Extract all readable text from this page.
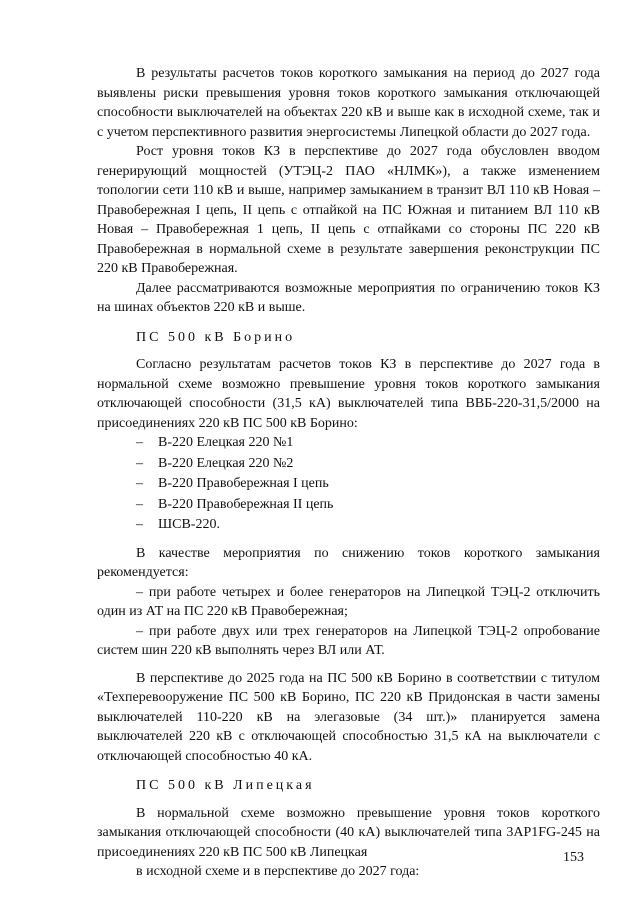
В результаты расчетов токов короткого замыкания на период до 2027 года выявлены риски превышения уровня токов короткого замыкания отключающей способности выключателей на объектах 220 кВ и выше как в исходной схеме, так и с учетом перспективного развития энергосистемы Липецкой области до 2027 года.

Рост уровня токов КЗ в перспективе до 2027 года обусловлен вводом генерирующий мощностей (УТЭЦ-2 ПАО «НЛМК»), а также изменением топологии сети 110 кВ и выше, например замыканием в транзит ВЛ 110 кВ Новая – Правобережная I цепь, II цепь с отпайкой на ПС Южная и питанием ВЛ 110 кВ Новая – Правобережная 1 цепь, II цепь с отпайками со стороны ПС 220 кВ Правобережная в нормальной схеме в результате завершения реконструкции ПС 220 кВ Правобережная.

Далее рассматриваются возможные мероприятия по ограничению токов КЗ на шинах объектов 220 кВ и выше.

ПС 500 кВ Борино

Согласно результатам расчетов токов КЗ в перспективе до 2027 года в нормальной схеме возможно превышение уровня токов короткого замыкания отключающей способности (31,5 кА) выключателей типа ВВБ-220-31,5/2000 на присоединениях 220 кВ ПС 500 кВ Борино:

– В-220 Елецкая 220 №1
– В-220 Елецкая 220 №2
– В-220 Правобережная I цепь
– В-220 Правобережная II цепь
– ШСВ-220.

В качестве мероприятия по снижению токов короткого замыкания рекомендуется:

– при работе четырех и более генераторов на Липецкой ТЭЦ-2 отключить один из АТ на ПС 220 кВ Правобережная;

– при работе двух или трех генераторов на Липецкой ТЭЦ-2 опробование систем шин 220 кВ выполнять через ВЛ или АТ.

В перспективе до 2025 года на ПС 500 кВ Борино в соответствии с титулом «Техперевооружение ПС 500 кВ Борино, ПС 220 кВ Придонская в части замены выключателей 110-220 кВ на элегазовые (34 шт.)» планируется замена выключателей 220 кВ с отключающей способностью 31,5 кА на выключатели с отключающей способностью 40 кА.

ПС 500 кВ Липецкая

В нормальной схеме возможно превышение уровня токов короткого замыкания отключающей способности (40 кА) выключателей типа 3AP1FG-245 на присоединениях 220 кВ ПС 500 кВ Липецкая

в исходной схеме и в перспективе до 2027 года:

153
